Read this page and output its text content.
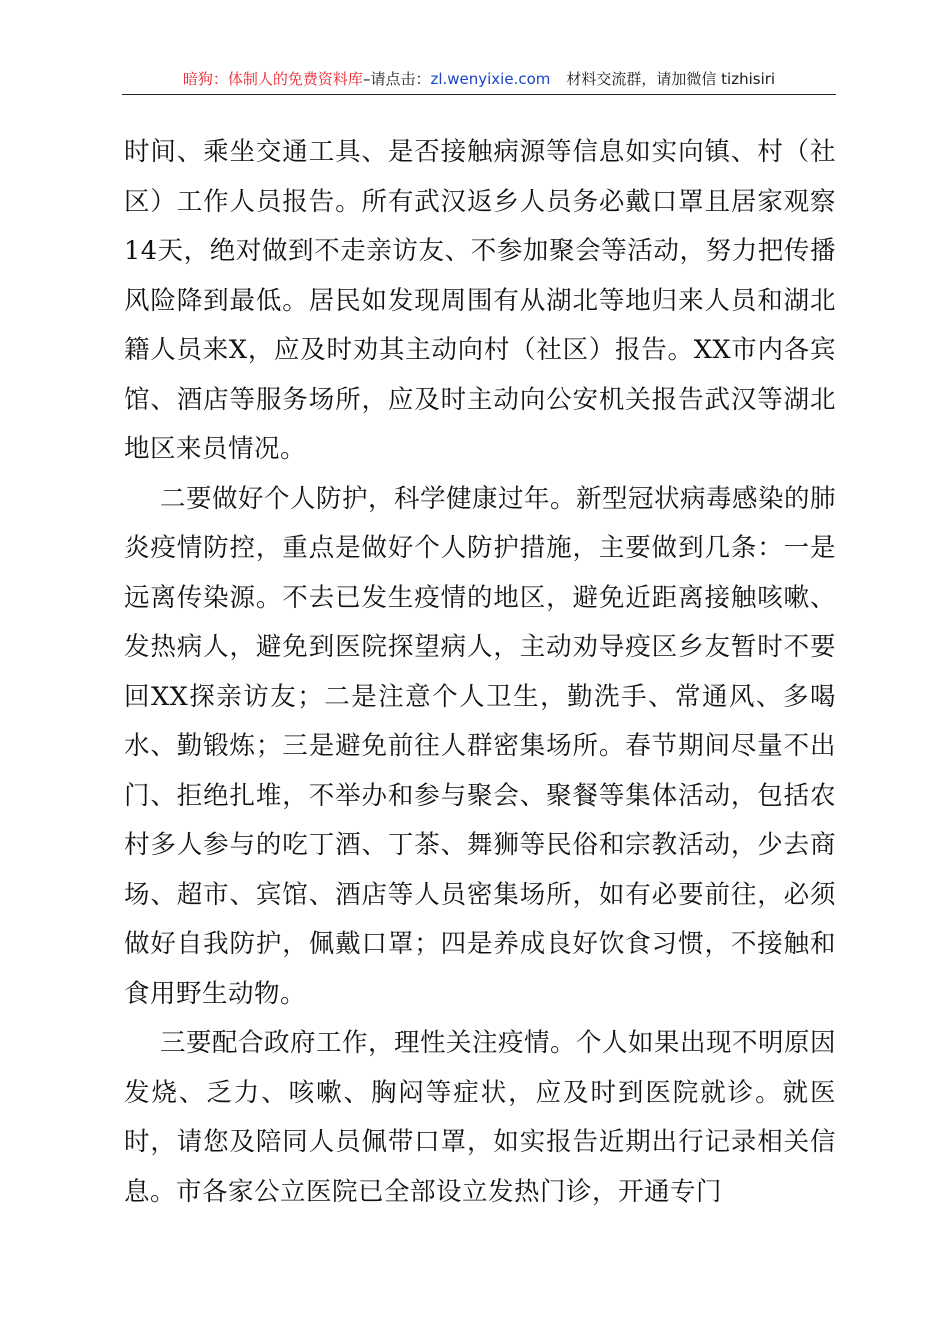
暗狗：体制人的免费资料库–请点击：zl.wenyixie.com 材料交流群，请加微信 tizhisiri

时间、乘坐交通工具、是否接触病源等信息如实向镇、村（社区）工作人员报告。所有武汉返乡人员务必戴口罩且居家观察14天，绝对做到不走亲访友、不参加聚会等活动，努力把传播风险降到最低。居民如发现周围有从湖北等地归来人员和湖北籍人员来X，应及时劝其主动向村（社区）报告。XX市内各宾馆、酒店等服务场所，应及时主动向公安机关报告武汉等湖北地区来员情况。

二要做好个人防护，科学健康过年。新型冠状病毒感染的肺炎疫情防控，重点是做好个人防护措施，主要做到几条：一是远离传染源。不去已发生疫情的地区，避免近距离接触咳嗽、发热病人，避免到医院探望病人，主动劝导疫区乡友暂时不要回XX探亲访友；二是注意个人卫生，勤洗手、常通风、多喝水、勤锻炼；三是避免前往人群密集场所。春节期间尽量不出门、拒绝扎堆，不举办和参与聚会、聚餐等集体活动，包括农村多人参与的吃丁酒、丁茶、舞狮等民俗和宗教活动，少去商场、超市、宾馆、酒店等人员密集场所，如有必要前往，必须做好自我防护，佩戴口罩；四是养成良好饮食习惯，不接触和食用野生动物。

三要配合政府工作，理性关注疫情。个人如果出现不明原因发烧、乏力、咳嗽、胸闷等症状，应及时到医院就诊。就医时，请您及陪同人员佩带口罩，如实报告近期出行记录相关信息。市各家公立医院已全部设立发热门诊，开通专门
